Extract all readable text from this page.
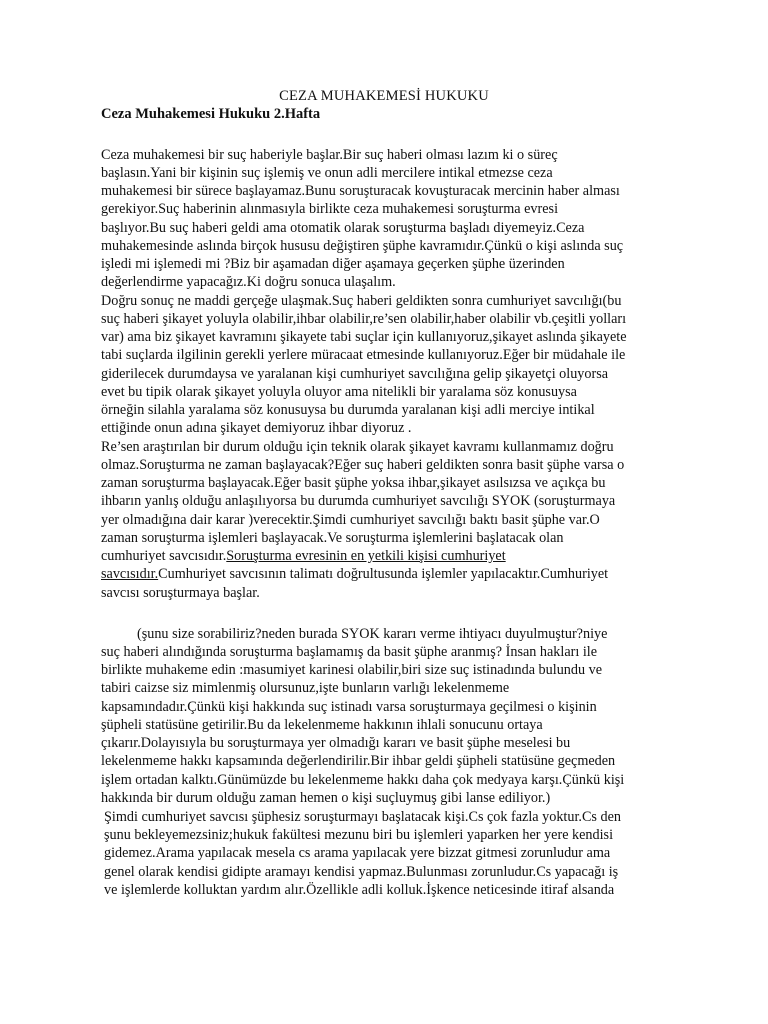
CEZA MUHAKEMESİ HUKUKU
Ceza Muhakemesi Hukuku 2.Hafta
Ceza muhakemesi bir suç haberiyle başlar.Bir suç haberi olması lazım ki o süreç
başlasın.Yani bir kişinin suç işlemiş ve onun adli mercilere intikal etmezse ceza
muhakemesi bir sürece başlayamaz.Bunu soruşturacak kovuşturacak mercinin haber alması
gerekiyor.Suç haberinin alınmasıyla birlikte ceza muhakemesi soruşturma evresi
başlıyor.Bu suç haberi geldi ama otomatik olarak soruşturma başladı diyemeyiz.Ceza
muhakemesinde aslında birçok hususu değiştiren şüphe kavramıdır.Çünkü o kişi aslında suç
işledi mi işlemedi mi ?Biz bir aşamadan diğer aşamaya geçerken şüphe üzerinden
değerlendirme yapacağız.Ki doğru sonuca ulaşalım.
Doğru sonuç ne maddi gerçeğe ulaşmak.Suç haberi geldikten sonra cumhuriyet savcılığı(bu
suç haberi şikayet yoluyla olabilir,ihbar olabilir,re’sen olabilir,haber olabilir vb.çeşitli yolları
var) ama biz şikayet kavramını şikayete tabi suçlar için kullanıyoruz,şikayet aslında şikayete
tabi suçlarda ilgilinin gerekli yerlere müracaat etmesinde kullanıyoruz.Eğer bir müdahale ile
giderilecek durumdaysa ve yaralanan kişi cumhuriyet savcılığına gelip şikayetçi oluyorsa
evet bu tipik olarak şikayet yoluyla oluyor ama nitelikli bir yaralama söz konusuysa
örneğin silahla yaralama söz konusuysa bu durumda yaralanan kişi adli merciye intikal
ettiğinde onun adına şikayet demiyoruz ihbar diyoruz .
Re’sen araştırılan bir durum olduğu için teknik olarak şikayet kavramı kullanmamız doğru
olmaz.Soruşturma ne zaman başlayacak?Eğer suç haberi geldikten sonra basit şüphe varsa o
zaman soruşturma başlayacak.Eğer basit şüphe yoksa ihbar,şikayet asılsızsa ve açıkça bu
ihbarın yanlış olduğu anlaşılıyorsa bu durumda cumhuriyet savcılığı SYOK (soruşturmaya
yer olmadığına dair karar )verecektir.Şimdi cumhuriyet savcılığı baktı basit şüphe var.O
zaman soruşturma işlemleri başlayacak.Ve soruşturma işlemlerini başlatacak olan
cumhuriyet savcısıdır.Soruşturma evresinin en yetkili kişisi cumhuriyet
savcısıdır.Cumhuriyet savcısının talimatı doğrultusunda işlemler yapılacaktır.Cumhuriyet
savcısı soruşturmaya başlar.
(şunu size sorabiliriz?neden burada SYOK kararı verme ihtiyacı duyulmuştur?niye
suç haberi alındığında soruşturma başlamamış da basit şüphe aranmış? İnsan hakları ile
birlikte muhakeme edin :masumiyet karinesi olabilir,biri size suç istinadında bulundu ve
tabiri caizse siz mimlenmiş olursunuz,işte bunların varlığı lekelenmeme
kapsamındadır.Çünkü kişi hakkında suç istinadı varsa soruşturmaya geçilmesi o kişinin
şüpheli statüsüne getirilir.Bu da lekelenmeme hakkının ihlali sonucunu ortaya
çıkarır.Dolayısıyla bu soruşturmaya yer olmadığı kararı ve basit şüphe meselesi bu
lekelenmeme hakkı kapsamında değerlendirilir.Bir ihbar geldi şüpheli statüsüne geçmeden
işlem ortadan kalktı.Günümüzde bu lekelenmeme hakkı daha çok medyaya karşı.Çünkü kişi
hakkında bir durum olduğu zaman hemen o kişi suçluymuş gibi lanse ediliyor.)
Şimdi cumhuriyet savcısı şüphesiz soruşturmayı başlatacak kişi.Cs çok fazla yoktur.Cs den
şunu bekleyemezsiniz;hukuk fakültesi mezunu biri bu işlemleri yaparken her yere kendisi
gidemez.Arama yapılacak mesela cs arama yapılacak yere bizzat gitmesi zorunludur ama
genel olarak kendisi gidipte aramayı kendisi yapmaz.Bulunması zorunludur.Cs yapacağı iş
ve işlemlerde kolluktan yardım alır.Özellikle adli kolluk.İşkence neticesinde itiraf alsanda
